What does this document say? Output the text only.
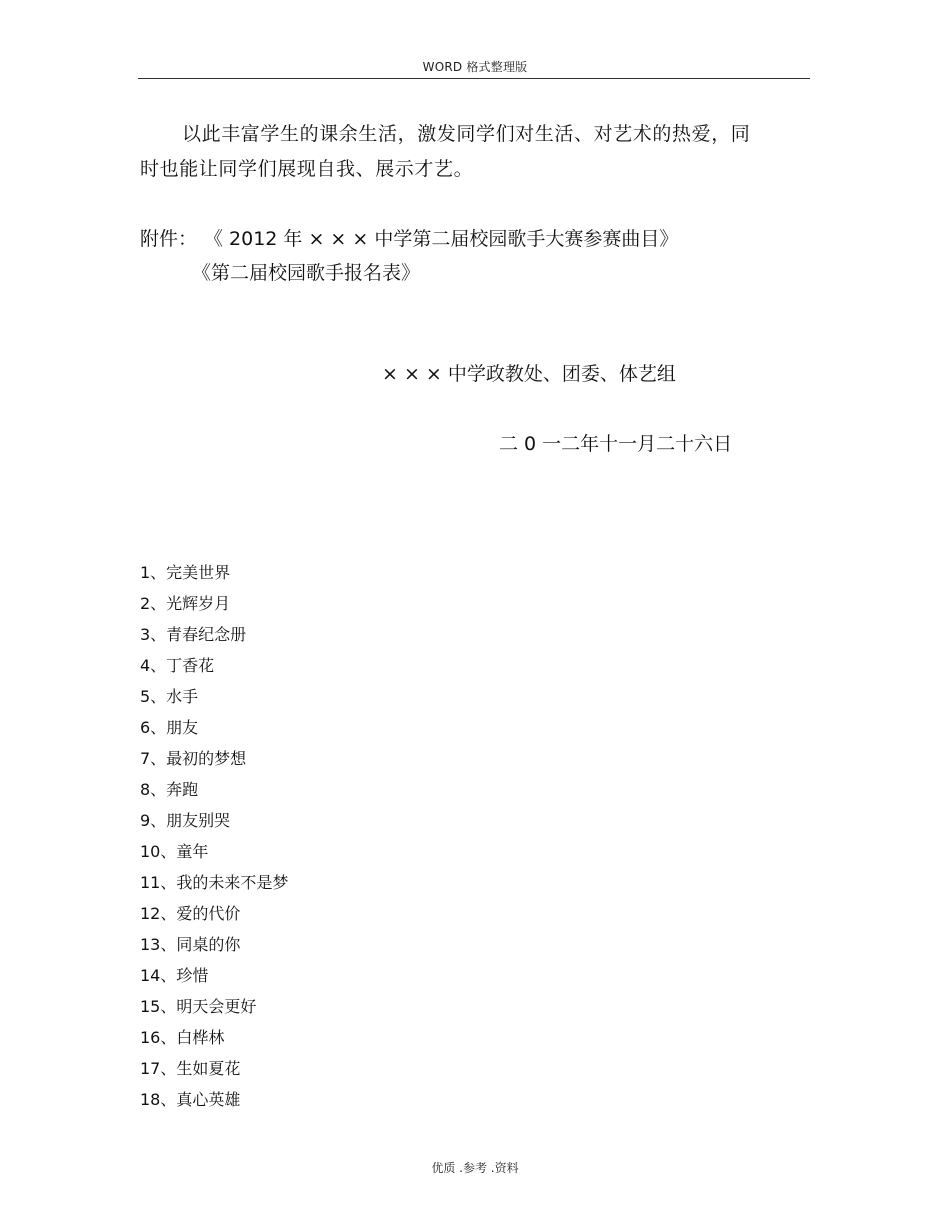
WORD 格式整理版
以此丰富学生的课余生活，激发同学们对生活、对艺术的热爱，同
时也能让同学们展现自我、展示才艺。
附件： 《 2012 年 × × × 中学第二届校园歌手大赛参赛曲目》
《第二届校园歌手报名表》
× × × 中学政教处、团委、体艺组
二 0 一二年十一月二十六日
1、完美世界
2、光辉岁月
3、青春纪念册
4、丁香花
5、水手
6、朋友
7、最初的梦想
8、奔跑
9、朋友别哭
10、童年
11、我的未来不是梦
12、爱的代价
13、同桌的你
14、珍惜
15、明天会更好
16、白桦林
17、生如夏花
18、真心英雄
优质 .参考 .资料
